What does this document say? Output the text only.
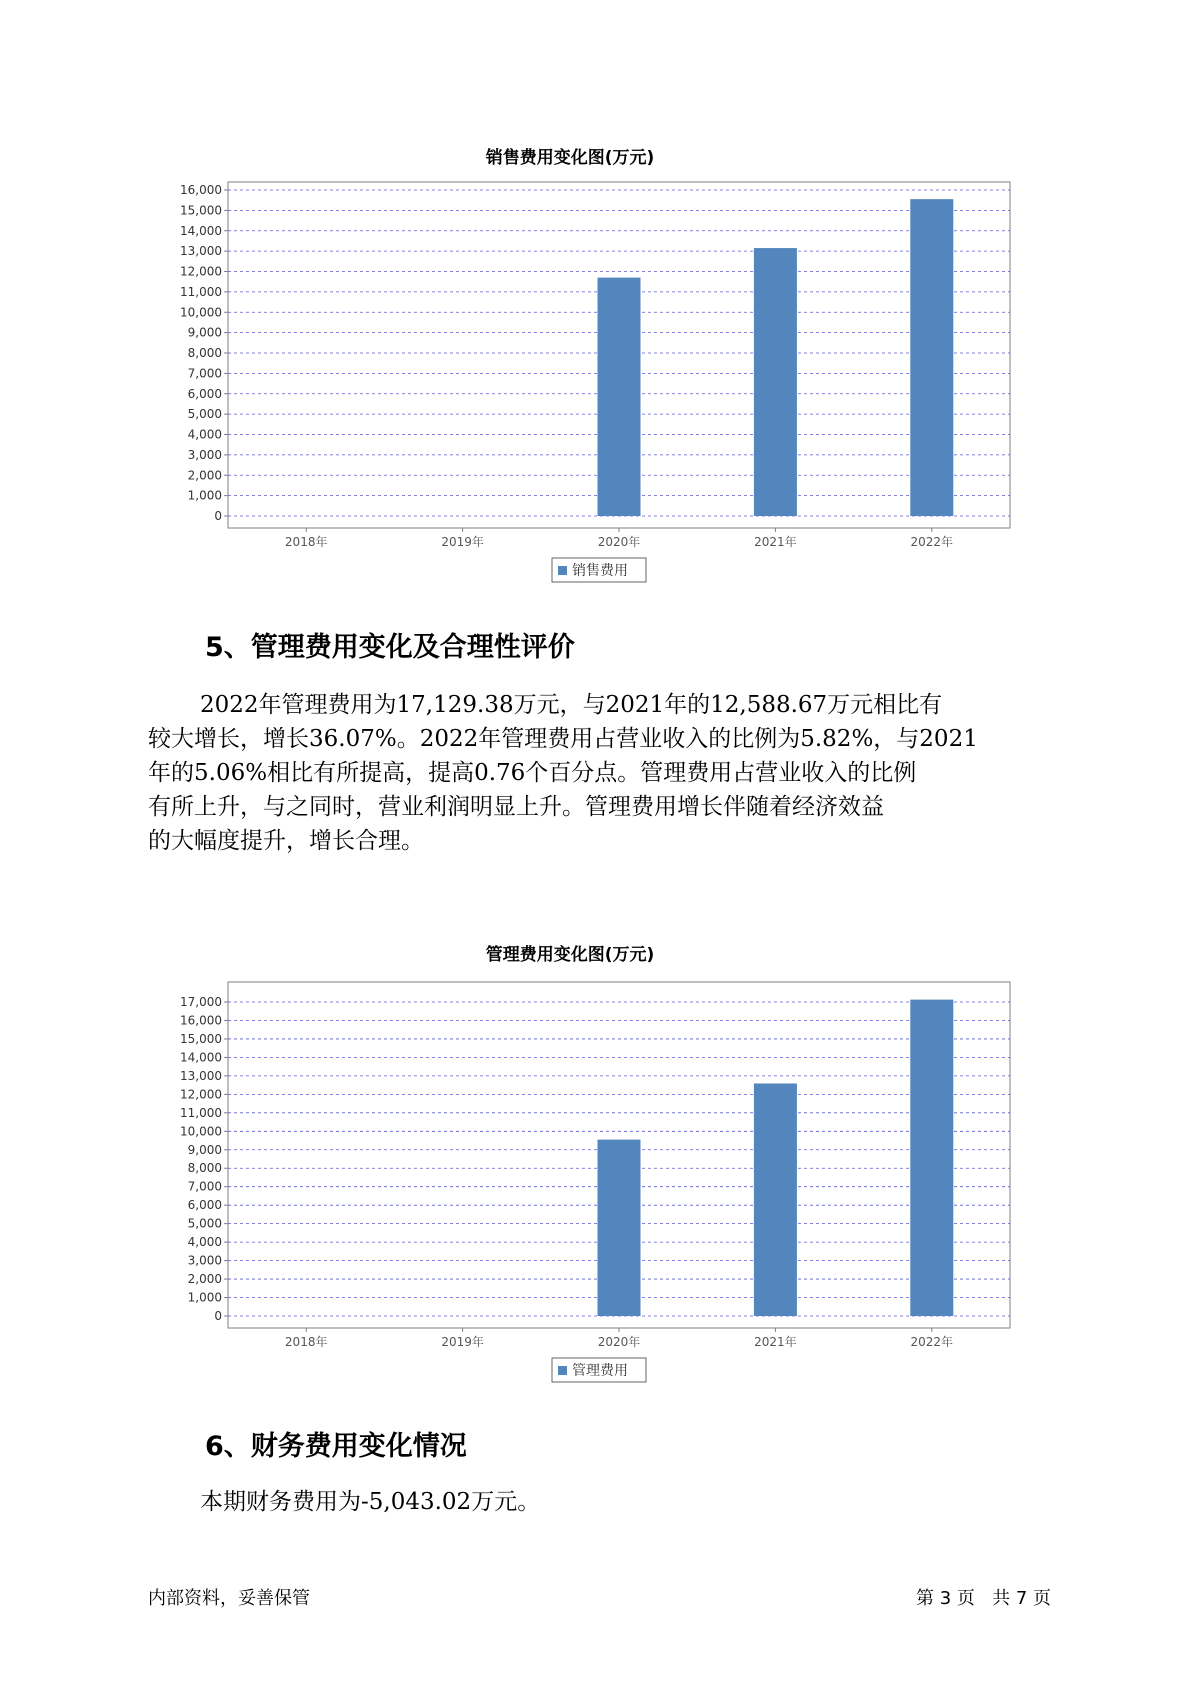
销售费用变化图(万元)
0
1,000
2,000
3,000
4,000
5,000
6,000
7,000
8,000
9,000
10,000
11,000
12,000
13,000
14,000
15,000
16,000
2018年	2019年	2020年	2021年	2022年
销售费用
5、管理费用变化及合理性评价

2022年管理费用为17,129.38万元，与2021年的12,588.67万元相比有

较大增长，增长36.07%。2022年管理费用占营业收入的比例为5.82%，与2021

年的5.06%相比有所提高，提高0.76个百分点。管理费用占营业收入的比例

有所上升，与之同时，营业利润明显上升。管理费用增长伴随着经济效益

的大幅度提升，增长合理。

管理费用变化图(万元)
0
1,000
2,000
3,000
4,000
5,000
6,000
7,000
8,000
9,000
10,000
11,000
12,000
13,000
14,000
15,000
16,000
17,000
2018年	2019年	2020年	2021年	2022年
管理费用
6、财务费用变化情况
本期财务费用为-5,043.02万元。
内部资料，妥善保管	第 3 页   共 7 页
